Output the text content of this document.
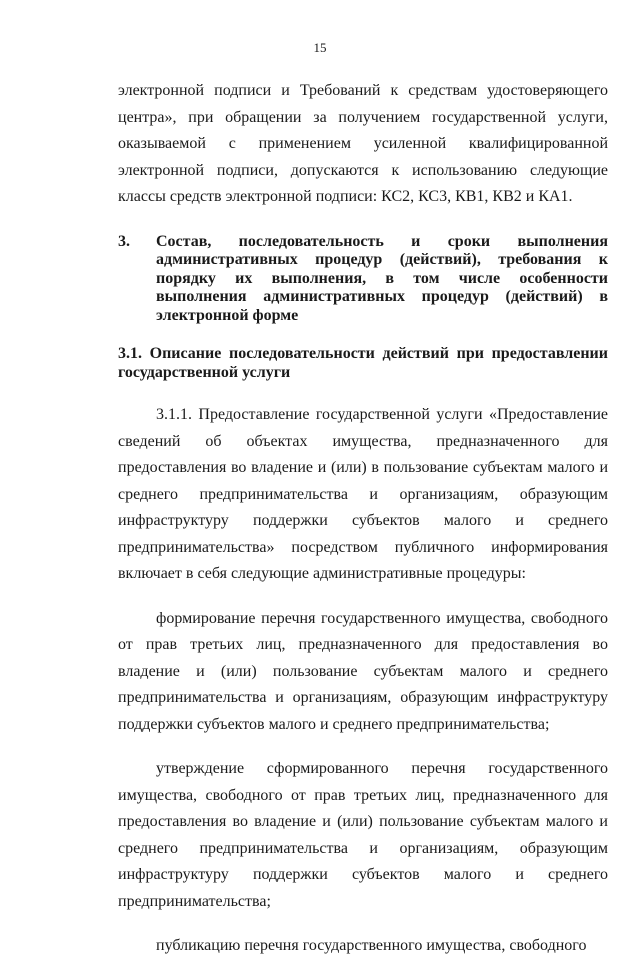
15

электронной подписи и Требований к средствам удостоверяющего центра», при обращении за получением государственной услуги, оказываемой с применением усиленной квалифицированной электронной подписи, допускаются к использованию следующие классы средств электронной подписи: КС2, КС3, КВ1, КВ2 и КА1.

3.	Состав, последовательность и сроки выполнения административных процедур (действий), требования к порядку их выполнения, в том числе особенности выполнения административных процедур (действий) в электронной форме
3.1. Описание последовательности действий при предоставлении государственной услуги

3.1.1. Предоставление государственной услуги «Предоставление сведений об объектах имущества, предназначенного для предоставления во владение и (или) в пользование субъектам малого и среднего предпринимательства и организациям, образующим инфраструктуру поддержки субъектов малого и среднего предпринимательства» посредством публичного информирования включает в себя следующие административные процедуры:

формирование перечня государственного имущества, свободного от прав третьих лиц, предназначенного для предоставления во владение и (или) пользование субъектам малого и среднего предпринимательства и организациям, образующим инфраструктуру поддержки субъектов малого и среднего предпринимательства;

утверждение сформированного перечня государственного имущества, свободного от прав третьих лиц, предназначенного для предоставления во владение и (или) пользование субъектам малого и среднего предпринимательства и организациям, образующим инфраструктуру поддержки субъектов малого и среднего предпринимательства;

публикацию перечня государственного имущества, свободного
